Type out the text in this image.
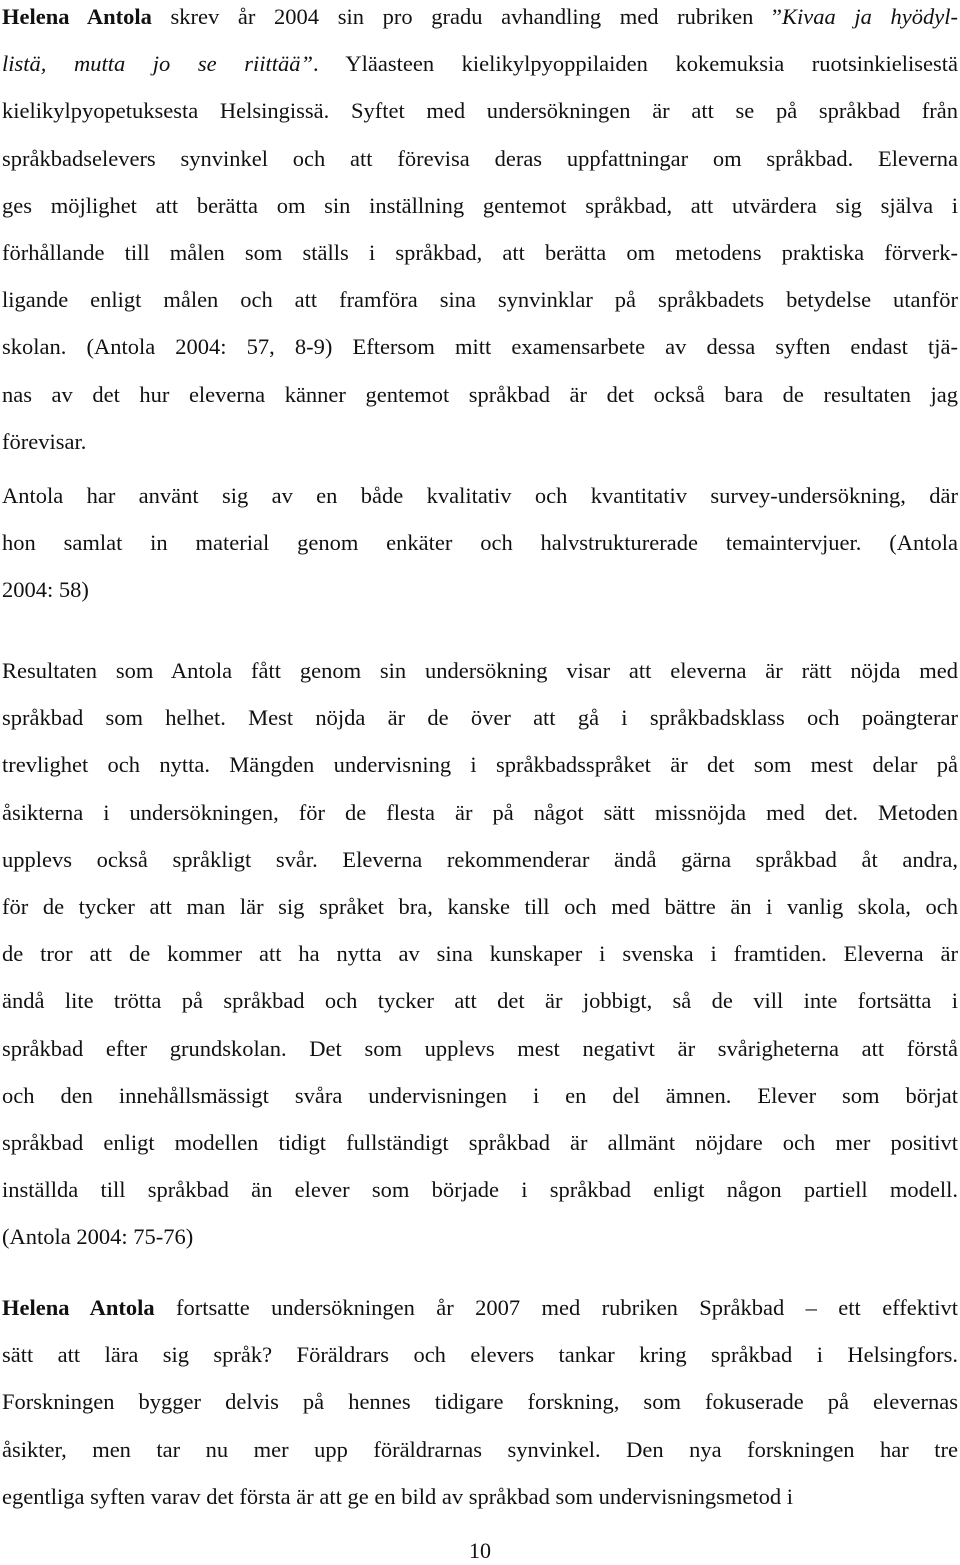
Helena Antola skrev år 2004 sin pro gradu avhandling med rubriken ”Kivaa ja hyödyl-
listä, mutta jo se riittää”. Yläasteen kielikylpyoppilaiden kokemuksia ruotsinkielisestä
kielikylpyopetuksesta Helsingissä. Syftet med undersökningen är att se på språkbad från
språkbadselevers synvinkel och att förevisa deras uppfattningar om språkbad. Eleverna
ges möjlighet att berätta om sin inställning gentemot språkbad, att utvärdera sig själva i
förhållande till målen som ställs i språkbad, att berätta om metodens praktiska förverk-
ligande enligt målen och att framföra sina synvinklar på språkbadets betydelse utanför
skolan. (Antola 2004: 57, 8-9) Eftersom mitt examensarbete av dessa syften endast tjä-
nas av det hur eleverna känner gentemot språkbad är det också bara de resultaten jag
förevisar.
Antola har använt sig av en både kvalitativ och kvantitativ survey-undersökning, där
hon samlat in material genom enkäter och halvstrukturerade temaintervjuer. (Antola
2004: 58)
Resultaten som Antola fått genom sin undersökning visar att eleverna är rätt nöjda med
språkbad som helhet. Mest nöjda är de över att gå i språkbadsklass och poängterar
trevlighet och nytta. Mängden undervisning i språkbadsspråket är det som mest delar på
åsikterna i undersökningen, för de flesta är på något sätt missnöjda med det. Metoden
upplevs också språkligt svår. Eleverna rekommenderar ändå gärna språkbad åt andra,
för de tycker att man lär sig språket bra, kanske till och med bättre än i vanlig skola, och
de tror att de kommer att ha nytta av sina kunskaper i svenska i framtiden. Eleverna är
ändå lite trötta på språkbad och tycker att det är jobbigt, så de vill inte fortsätta i
språkbad efter grundskolan. Det som upplevs mest negativt är svårigheterna att förstå
och den innehållsmässigt svåra undervisningen i en del ämnen. Elever som börjat
språkbad enligt modellen tidigt fullständigt språkbad är allmänt nöjdare och mer positivt
inställda till språkbad än elever som började i språkbad enligt någon partiell modell.
(Antola 2004: 75-76)
Helena Antola fortsatte undersökningen år 2007 med rubriken Språkbad – ett effektivt
sätt att lära sig språk? Föräldrars och elevers tankar kring språkbad i Helsingfors.
Forskningen bygger delvis på hennes tidigare forskning, som fokuserade på elevernas
åsikter, men tar nu mer upp föräldrarnas synvinkel. Den nya forskningen har tre
egentliga syften varav det första är att ge en bild av språkbad som undervisningsmetod i
10
